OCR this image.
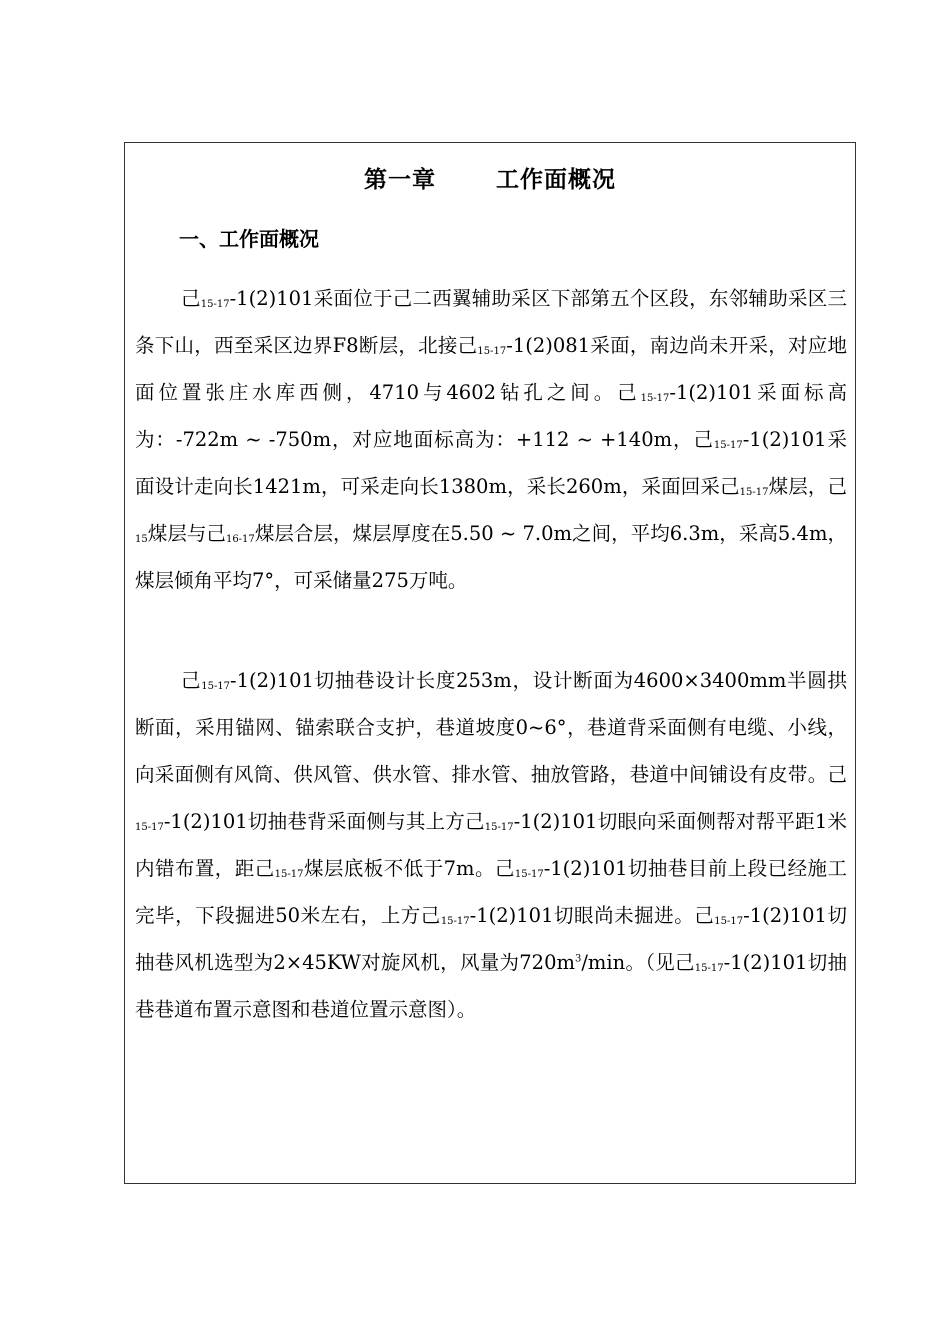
第一章	工作面概况
一、工作面概况

己$_{15-17}$-1(2)101采面位于己二西翼辅助采区下部第五个区段，东邻辅助采区三条下山，西至采区边界F8断层，北接己$_{15-17}$-1(2)081采面，南边尚未开采，对应地面位置张庄水库西侧，4710与4602钻孔之间。己$_{15-17}$-1(2)101采面标高为：-722m ~ -750m，对应地面标高为：+112 ~ +140m，己$_{15-17}$-1(2)101采面设计走向长1421m，可采走向长1380m，采长260m，采面回采己$_{15-17}$煤层，己$_{15}$煤层与己$_{16-17}$煤层合层，煤层厚度在5.50 ~ 7.0m之间，平均6.3m，采高5.4m，煤层倾角平均7°，可采储量275万吨。

己$_{15-17}$-1(2)101切抽巷设计长度253m，设计断面为4600×3400mm半圆拱断面，采用锚网、锚索联合支护，巷道坡度0~6°，巷道背采面侧有电缆、小线，向采面侧有风筒、供风管、供水管、排水管、抽放管路，巷道中间铺设有皮带。己$_{15-17}$-1(2)101切抽巷背采面侧与其上方己$_{15-17}$-1(2)101切眼向采面侧帮对帮平距1米内错布置，距己$_{15-17}$煤层底板不低于7m。己$_{15-17}$-1(2)101切抽巷目前上段已经施工完毕，下段掘进50米左右，上方己$_{15-17}$-1(2)101切眼尚未掘进。己$_{15-17}$-1(2)101切抽巷风机选型为2×45KW对旋风机，风量为$720m^3/\min$。（见己$_{15-17}$-1(2)101切抽巷巷道布置示意图和巷道位置示意图）。
